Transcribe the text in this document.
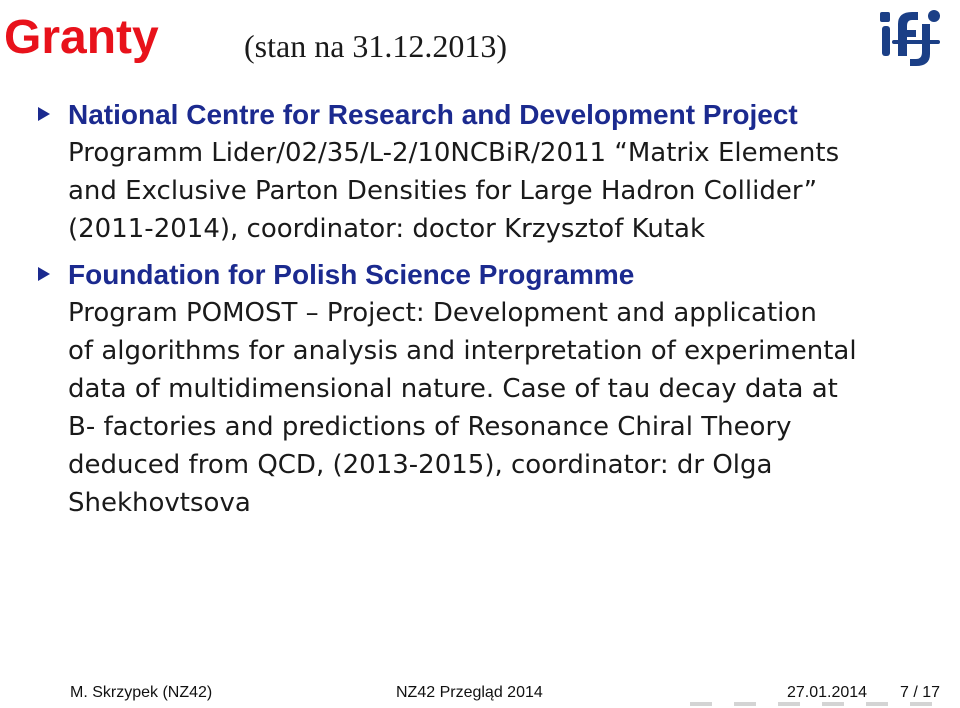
Granty	(stan na 31.12.2013)
National Centre for Research and Development Project
Programm Lider/02/35/L-2/10NCBiR/2011 “Matrix Elements
and Exclusive Parton Densities for Large Hadron Collider”
(2011-2014), coordinator: doctor Krzysztof Kutak
Foundation for Polish Science Programme
Program POMOST – Project: Development and application
of algorithms for analysis and interpretation of experimental
data of multidimensional nature. Case of tau decay data at
B- factories and predictions of Resonance Chiral Theory
deduced from QCD, (2013-2015), coordinator: dr Olga
Shekhovtsova
M. Skrzypek (NZ42)	NZ42 Przegląd 2014	27.01.2014 7 / 17
